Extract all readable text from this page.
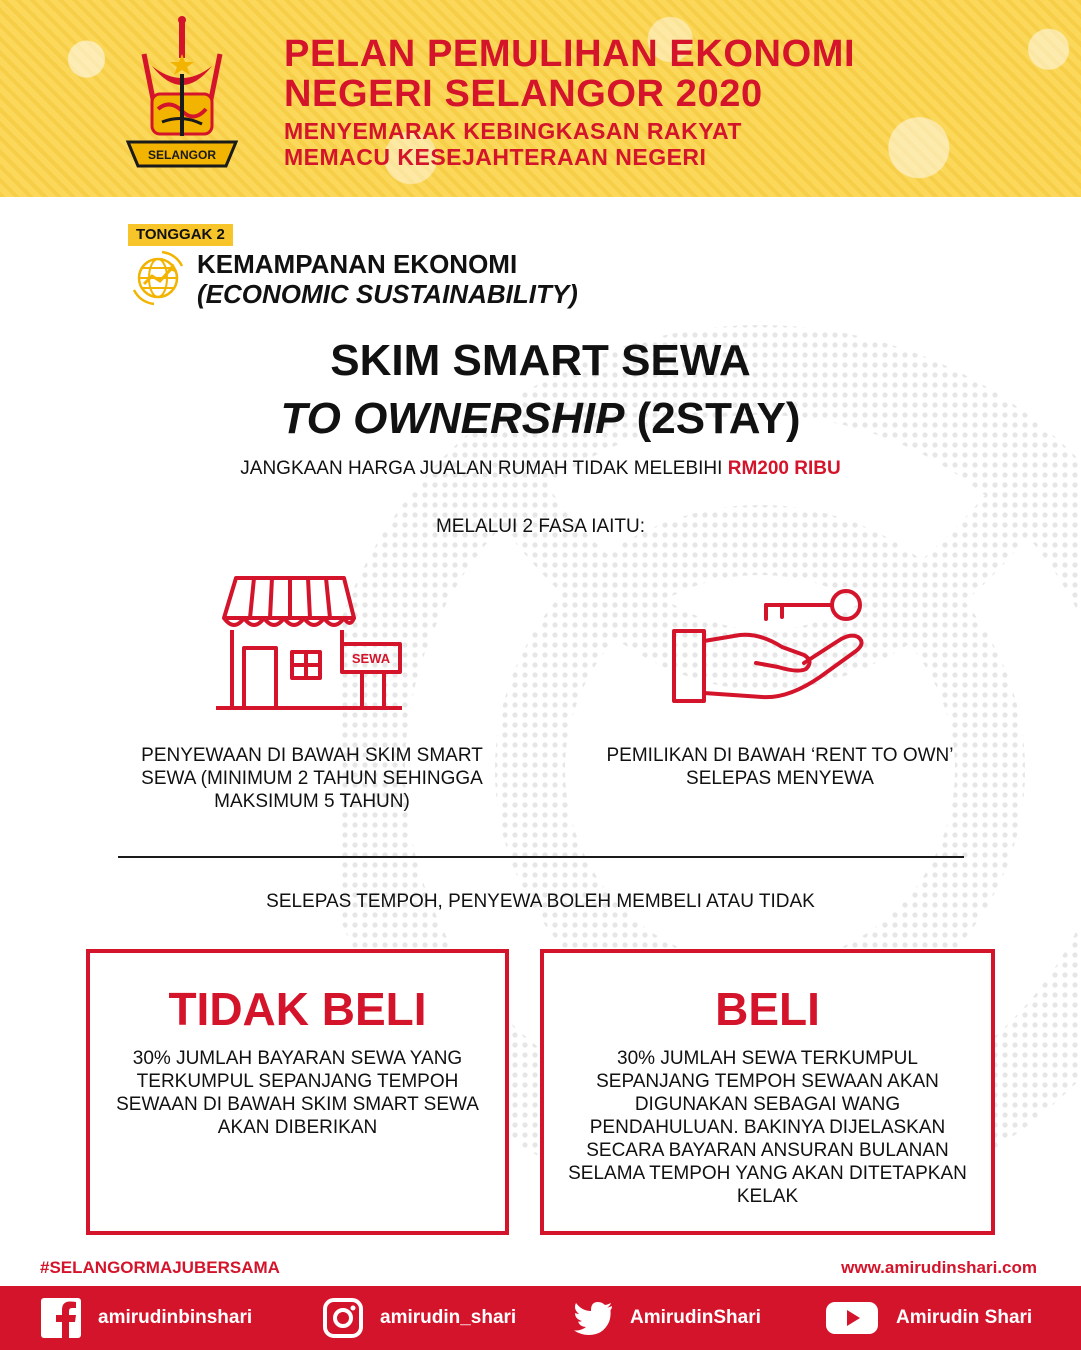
SELANGOR
PELAN PEMULIHAN EKONOMI
NEGERI SELANGOR 2020
MENYEMARAK KEBINGKASAN RAKYAT
MEMACU KESEJAHTERAAN NEGERI
TONGGAK 2
KEMAMPANAN EKONOMI
(ECONOMIC SUSTAINABILITY)
SKIM SMART SEWA
TO OWNERSHIP (2STAY)
JANGKAAN HARGA JUALAN RUMAH TIDAK MELEBIHI RM200 RIBU
MELALUI 2 FASA IAITU:
SEWA
PENYEWAAN DI BAWAH SKIM SMART SEWA (MINIMUM 2 TAHUN SEHINGGA MAKSIMUM 5 TAHUN)
PEMILIKAN DI BAWAH ‘RENT TO OWN’ SELEPAS MENYEWA
SELEPAS TEMPOH, PENYEWA BOLEH MEMBELI ATAU TIDAK
TIDAK BELI
30% JUMLAH BAYARAN SEWA YANG TERKUMPUL SEPANJANG TEMPOH SEWAAN DI BAWAH SKIM SMART SEWA AKAN DIBERIKAN
BELI
30% JUMLAH SEWA TERKUMPUL SEPANJANG TEMPOH SEWAAN AKAN DIGUNAKAN SEBAGAI WANG PENDAHULUAN. BAKINYA DIJELASKAN SECARA BAYARAN ANSURAN BULANAN SELAMA TEMPOH YANG AKAN DITETAPKAN KELAK
#SELANGORMAJUBERSAMA	www.amirudinshari.com
amirudinbinshari	amirudin_shari	AmirudinShari	Amirudin Shari
